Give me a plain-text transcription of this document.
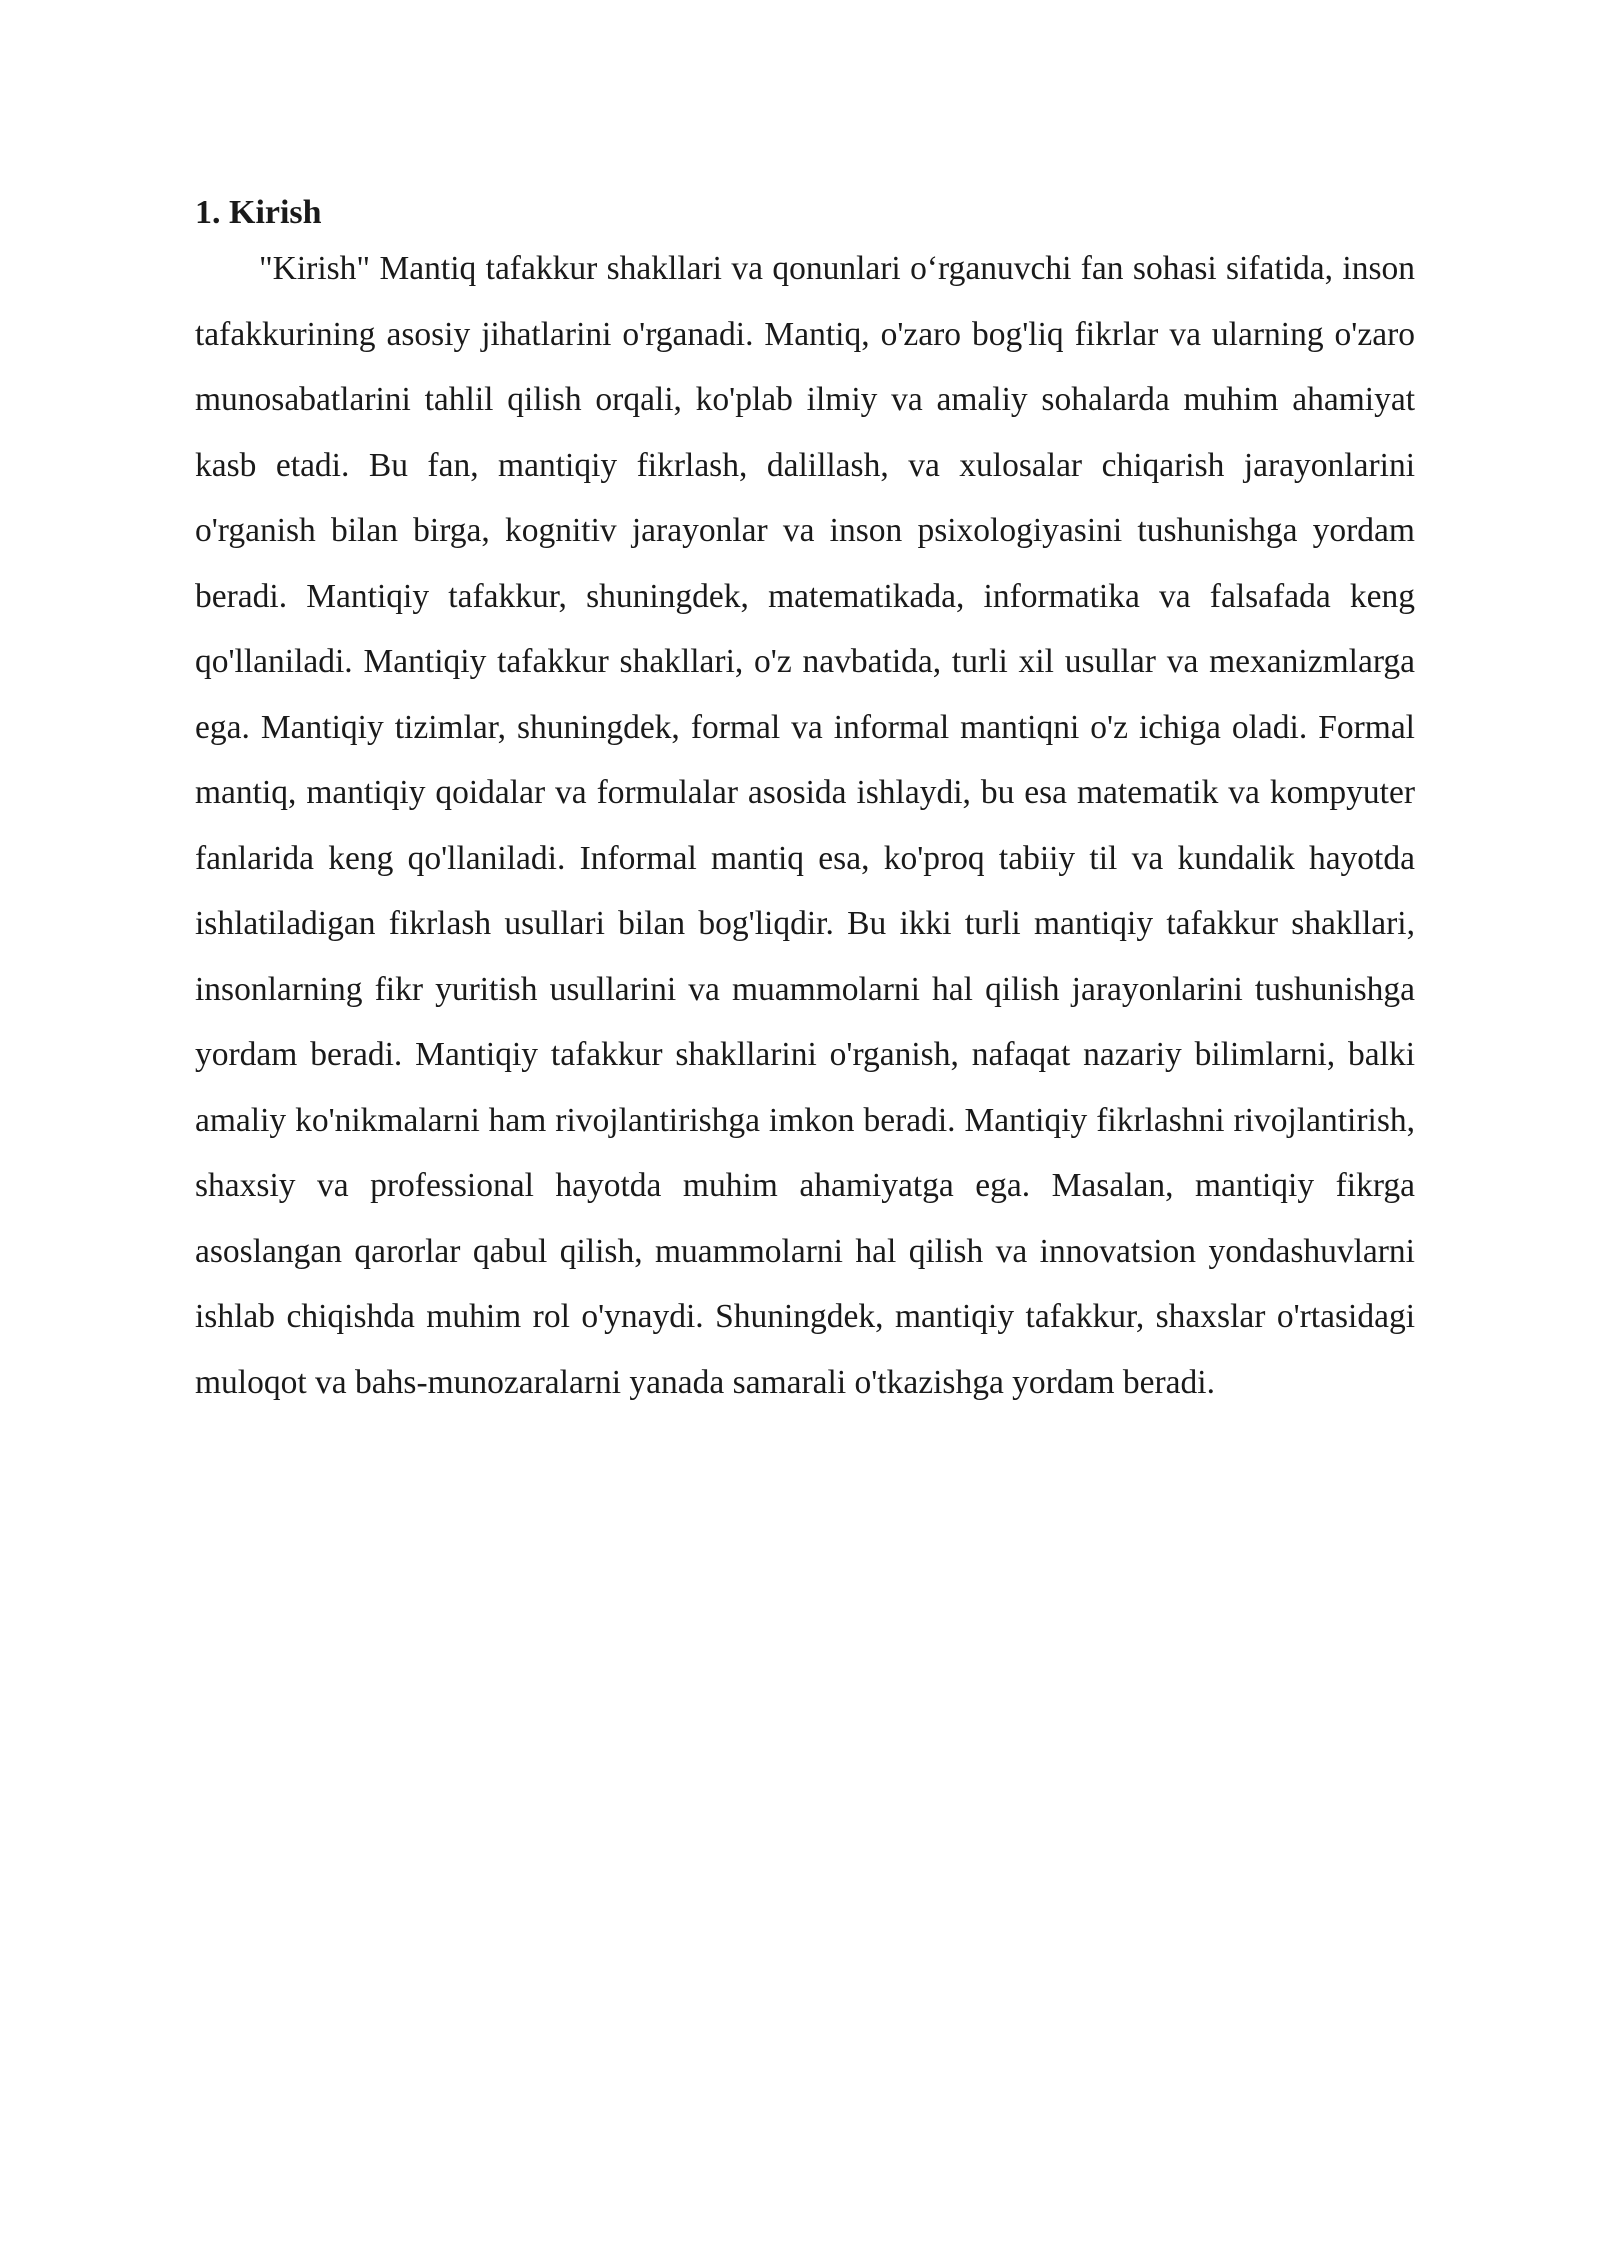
1. Kirish

"Kirish" Mantiq tafakkur shakllari va qonunlari o‘rganuvchi fan sohasi sifatida, inson tafakkurining asosiy jihatlarini o'rganadi. Mantiq, o'zaro bog'liq fikrlar va ularning o'zaro munosabatlarini tahlil qilish orqali, ko'plab ilmiy va amaliy sohalarda muhim ahamiyat kasb etadi. Bu fan, mantiqiy fikrlash, dalillash, va xulosalar chiqarish jarayonlarini o'rganish bilan birga, kognitiv jarayonlar va inson psixologiyasini tushunishga yordam beradi. Mantiqiy tafakkur, shuningdek, matematikada, informatika va falsafada keng qo'llaniladi. Mantiqiy tafakkur shakllari, o'z navbatida, turli xil usullar va mexanizmlarga ega. Mantiqiy tizimlar, shuningdek, formal va informal mantiqni o'z ichiga oladi. Formal mantiq, mantiqiy qoidalar va formulalar asosida ishlaydi, bu esa matematik va kompyuter fanlarida keng qo'llaniladi. Informal mantiq esa, ko'proq tabiiy til va kundalik hayotda ishlatiladigan fikrlash usullari bilan bog'liqdir. Bu ikki turli mantiqiy tafakkur shakllari, insonlarning fikr yuritish usullarini va muammolarni hal qilish jarayonlarini tushunishga yordam beradi. Mantiqiy tafakkur shakllarini o'rganish, nafaqat nazariy bilimlarni, balki amaliy ko'nikmalarni ham rivojlantirishga imkon beradi. Mantiqiy fikrlashni rivojlantirish, shaxsiy va professional hayotda muhim ahamiyatga ega. Masalan, mantiqiy fikrga asoslangan qarorlar qabul qilish, muammolarni hal qilish va innovatsion yondashuvlarni ishlab chiqishda muhim rol o'ynaydi. Shuningdek, mantiqiy tafakkur, shaxslar o'rtasidagi muloqot va bahs-munozaralarni yanada samarali o'tkazishga yordam beradi.
